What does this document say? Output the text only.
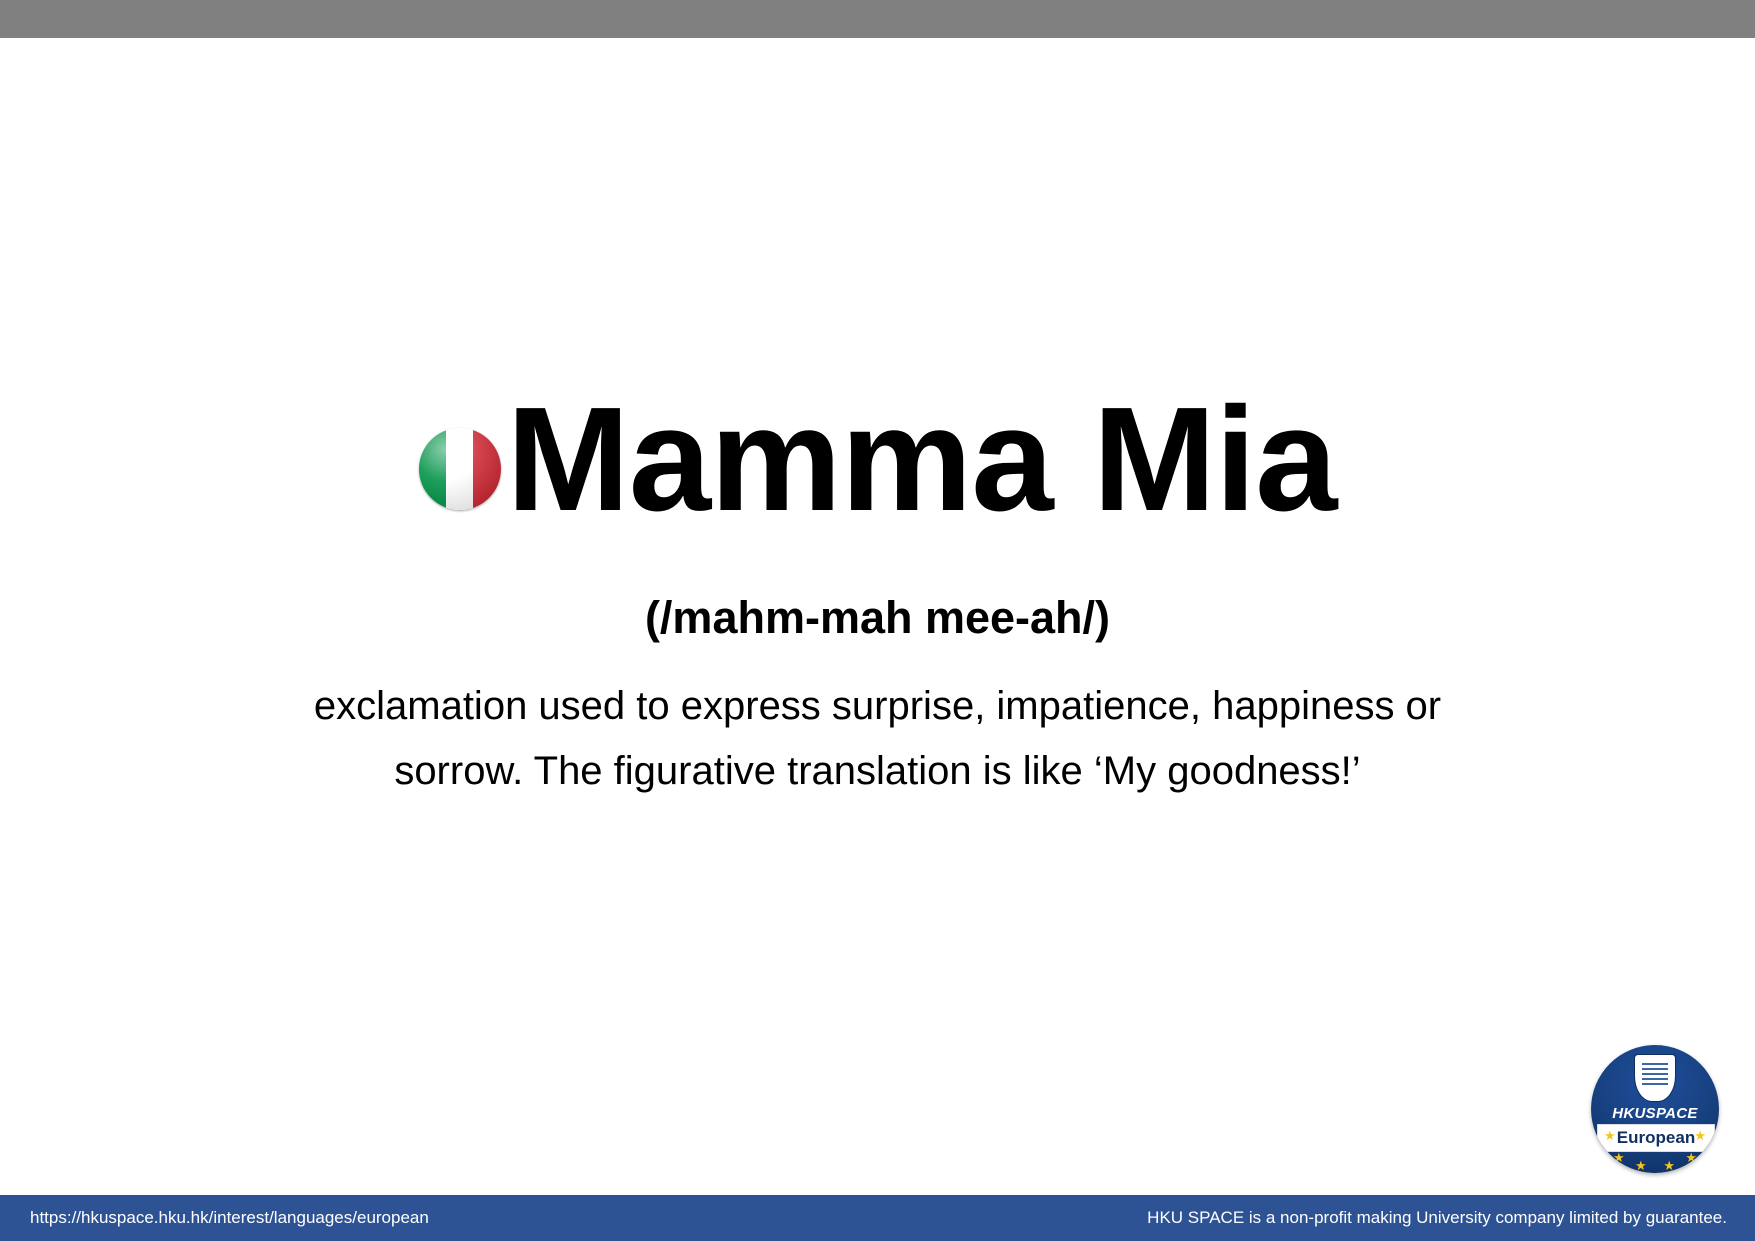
Mamma Mia
(/mahm-mah mee-ah/)
exclamation used to express surprise, impatience, happiness or sorrow. The figurative translation is like ‘My goodness!’
HKUSPACE
European
★	★
★
★ ★
★
https://hkuspace.hku.hk/interest/languages/european	HKU SPACE is a non-profit making University company limited by guarantee.
